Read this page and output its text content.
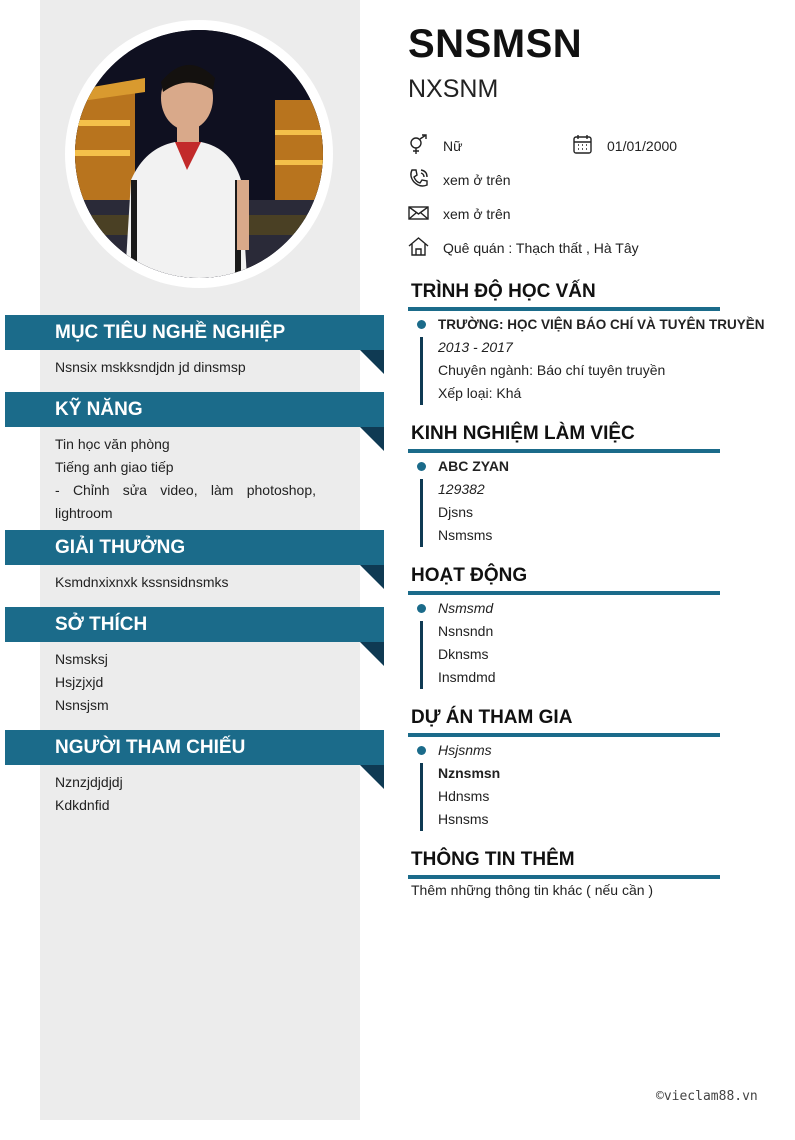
SNSMSN
NXSNM
Nữ	01/01/2000
xem ở trên
xem ở trên
Quê quán : Thạch thất , Hà Tây
MỤC TIÊU NGHỀ NGHIỆP
Nsnsix mskksndjdn jd dinsmsp
KỸ NĂNG
Tin học văn phòng
Tiếng anh giao tiếp
- Chỉnh sửa video, làm photoshop, lightroom
GIẢI THƯỞNG
Ksmdnxixnxk kssnsidnsmks
SỞ THÍCH
Nsmsksj
Hsjzjxjd
Nsnsjsm
NGƯỜI THAM CHIẾU
Nznzjdjdjdj
Kdkdnfid
TRÌNH ĐỘ HỌC VẤN
TRƯỜNG: HỌC VIỆN BÁO CHÍ VÀ TUYÊN TRUYỀN
2013 - 2017
Chuyên ngành: Báo chí tuyên truyền
Xếp loại: Khá
KINH NGHIỆM LÀM VIỆC
ABC ZYAN
129382
Djsns
Nsmsms
HOẠT ĐỘNG
Nsmsmd
Nsnsndn
Dknsms
Insmdmd
DỰ ÁN THAM GIA
Hsjsnms
Nznsmsn
Hdnsms
Hsnsms
THÔNG TIN THÊM
Thêm những thông tin khác ( nếu cần )
©vieclam88.vn
